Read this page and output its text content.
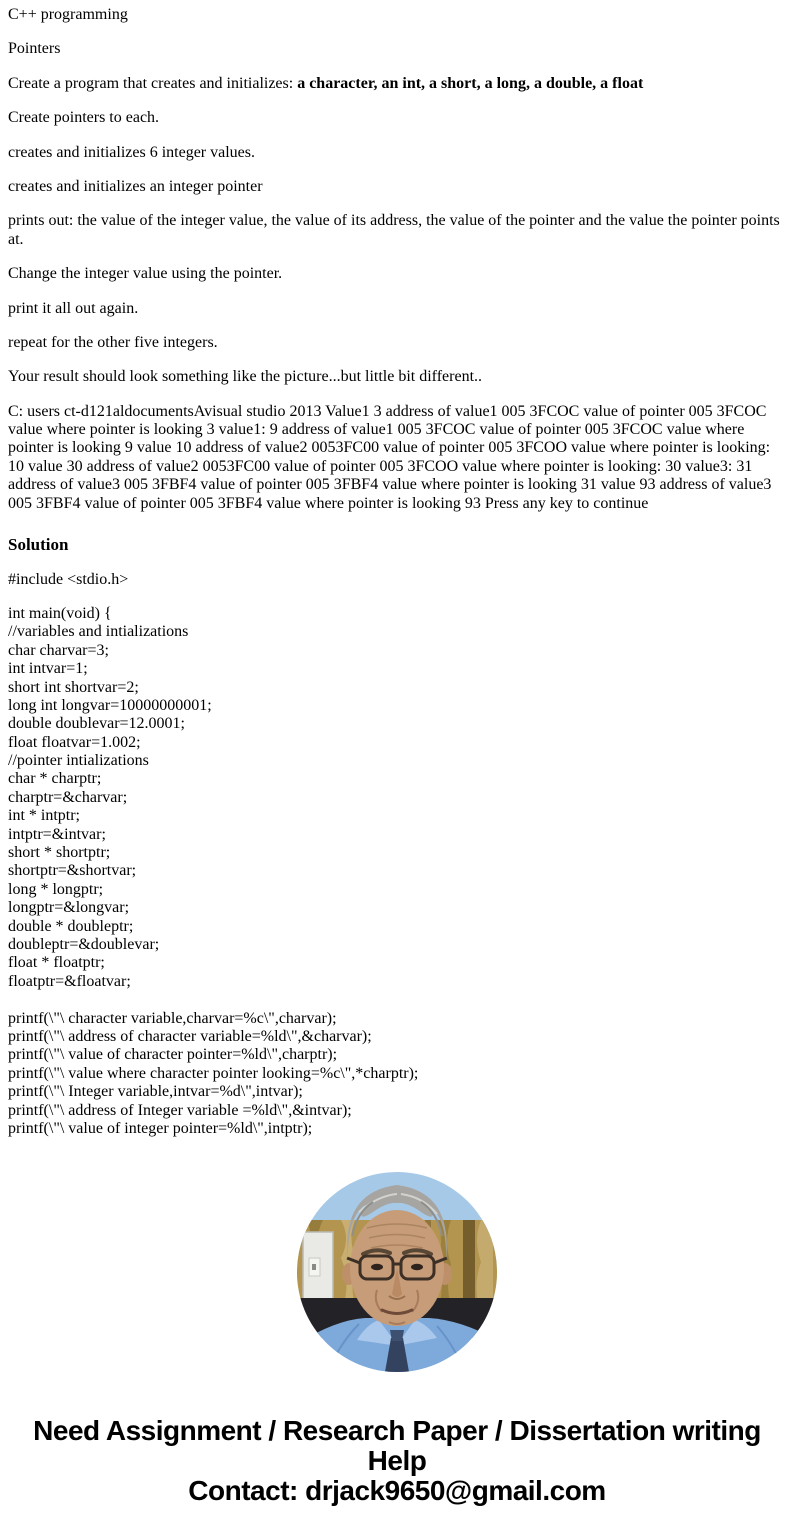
C++ programming

Pointers

Create a program that creates and initializes: a character, an int, a short, a long, a double, a float

Create pointers to each.

creates and initializes 6 integer values.

creates and initializes an integer pointer

prints out: the value of the integer value, the value of its address, the value of the pointer and the value the pointer points at.

Change the integer value using the pointer.

print it all out again.

repeat for the other five integers.

Your result should look something like the picture...but little bit different..

C: users ct-d121aldocumentsAvisual studio 2013 Value1 3 address of value1 005 3FCOC value of pointer 005 3FCOC value where pointer is looking 3 value1: 9 address of value1 005 3FCOC value of pointer 005 3FCOC value where pointer is looking 9 value 10 address of value2 0053FC00 value of pointer 005 3FCOO value where pointer is looking: 10 value 30 address of value2 0053FC00 value of pointer 005 3FCOO value where pointer is looking: 30 value3: 31 address of value3 005 3FBF4 value of pointer 005 3FBF4 value where pointer is looking 31 value 93 address of value3 005 3FBF4 value of pointer 005 3FBF4 value where pointer is looking 93 Press any key to continue

Solution

#include <stdio.h>

int main(void) {
//variables and intializations
char charvar=3;
int intvar=1;
short int shortvar=2;
long int longvar=10000000001;
double doublevar=12.0001;
float floatvar=1.002;
//pointer intializations
char * charptr;
charptr=&charvar;
int * intptr;
intptr=&intvar;
short * shortptr;
shortptr=&shortvar;
long * longptr;
longptr=&longvar;
double * doubleptr;
doubleptr=&doublevar;
float * floatptr;
floatptr=&floatvar;

printf(\"\ character variable,charvar=%c\",charvar);
printf(\"\ address of character variable=%ld\",&charvar);
printf(\"\ value of character pointer=%ld\",charptr);
printf(\"\ value where character pointer looking=%c\",*charptr);
printf(\"\ Integer variable,intvar=%d\",intvar);
printf(\"\ address of Integer variable =%ld\",&intvar);
printf(\"\ value of integer pointer=%ld\",intptr);
Need Assignment / Research Paper / Dissertation writing Help
Contact: drjack9650@gmail.com
